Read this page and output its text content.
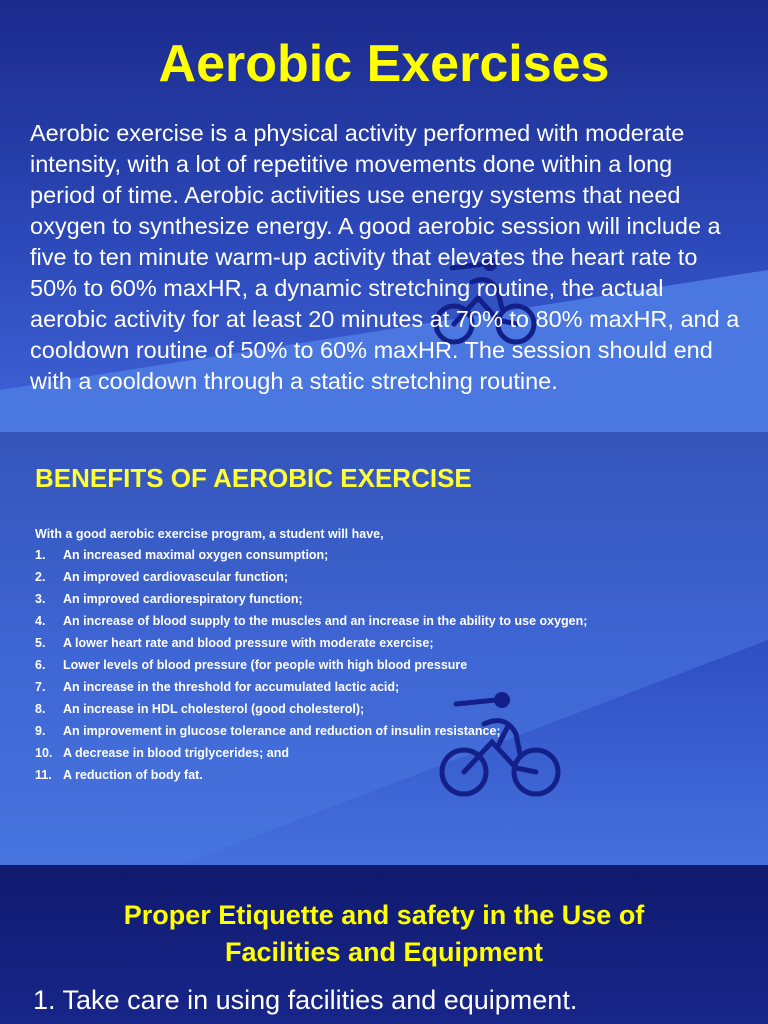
Aerobic Exercises

Aerobic exercise is a physical activity performed with moderate intensity, with a lot of repetitive movements done within a long period of time. Aerobic activities use energy systems that need oxygen to synthesize energy. A good aerobic session will include a five to ten minute warm-up activity that elevates the heart rate to 50% to 60% maxHR, a dynamic stretching routine, the actual aerobic activity for at least 20 minutes at 70% to 80% maxHR, and a cooldown routine of 50% to 60% maxHR. The session should end with a cooldown through a static stretching routine.

BENEFITS OF AEROBIC EXERCISE

With a good aerobic exercise program, a student will have,

1. An increased maximal oxygen consumption;
2. An improved cardiovascular function;
3. An improved cardiorespiratory function;
4. An increase of blood supply to the muscles and an increase in the ability to use oxygen;
5. A lower heart rate and blood pressure with moderate exercise;
6. Lower levels of blood pressure (for people with high blood pressure
7. An increase in the threshold for accumulated lactic acid;
8. An increase in HDL cholesterol (good cholesterol);
9. An improvement in glucose tolerance and reduction of insulin resistance;
10. A decrease in blood triglycerides; and
11. A reduction of body fat.
Proper Etiquette and safety in the Use of
Facilities and Equipment

1. Take care in using facilities and equipment.
